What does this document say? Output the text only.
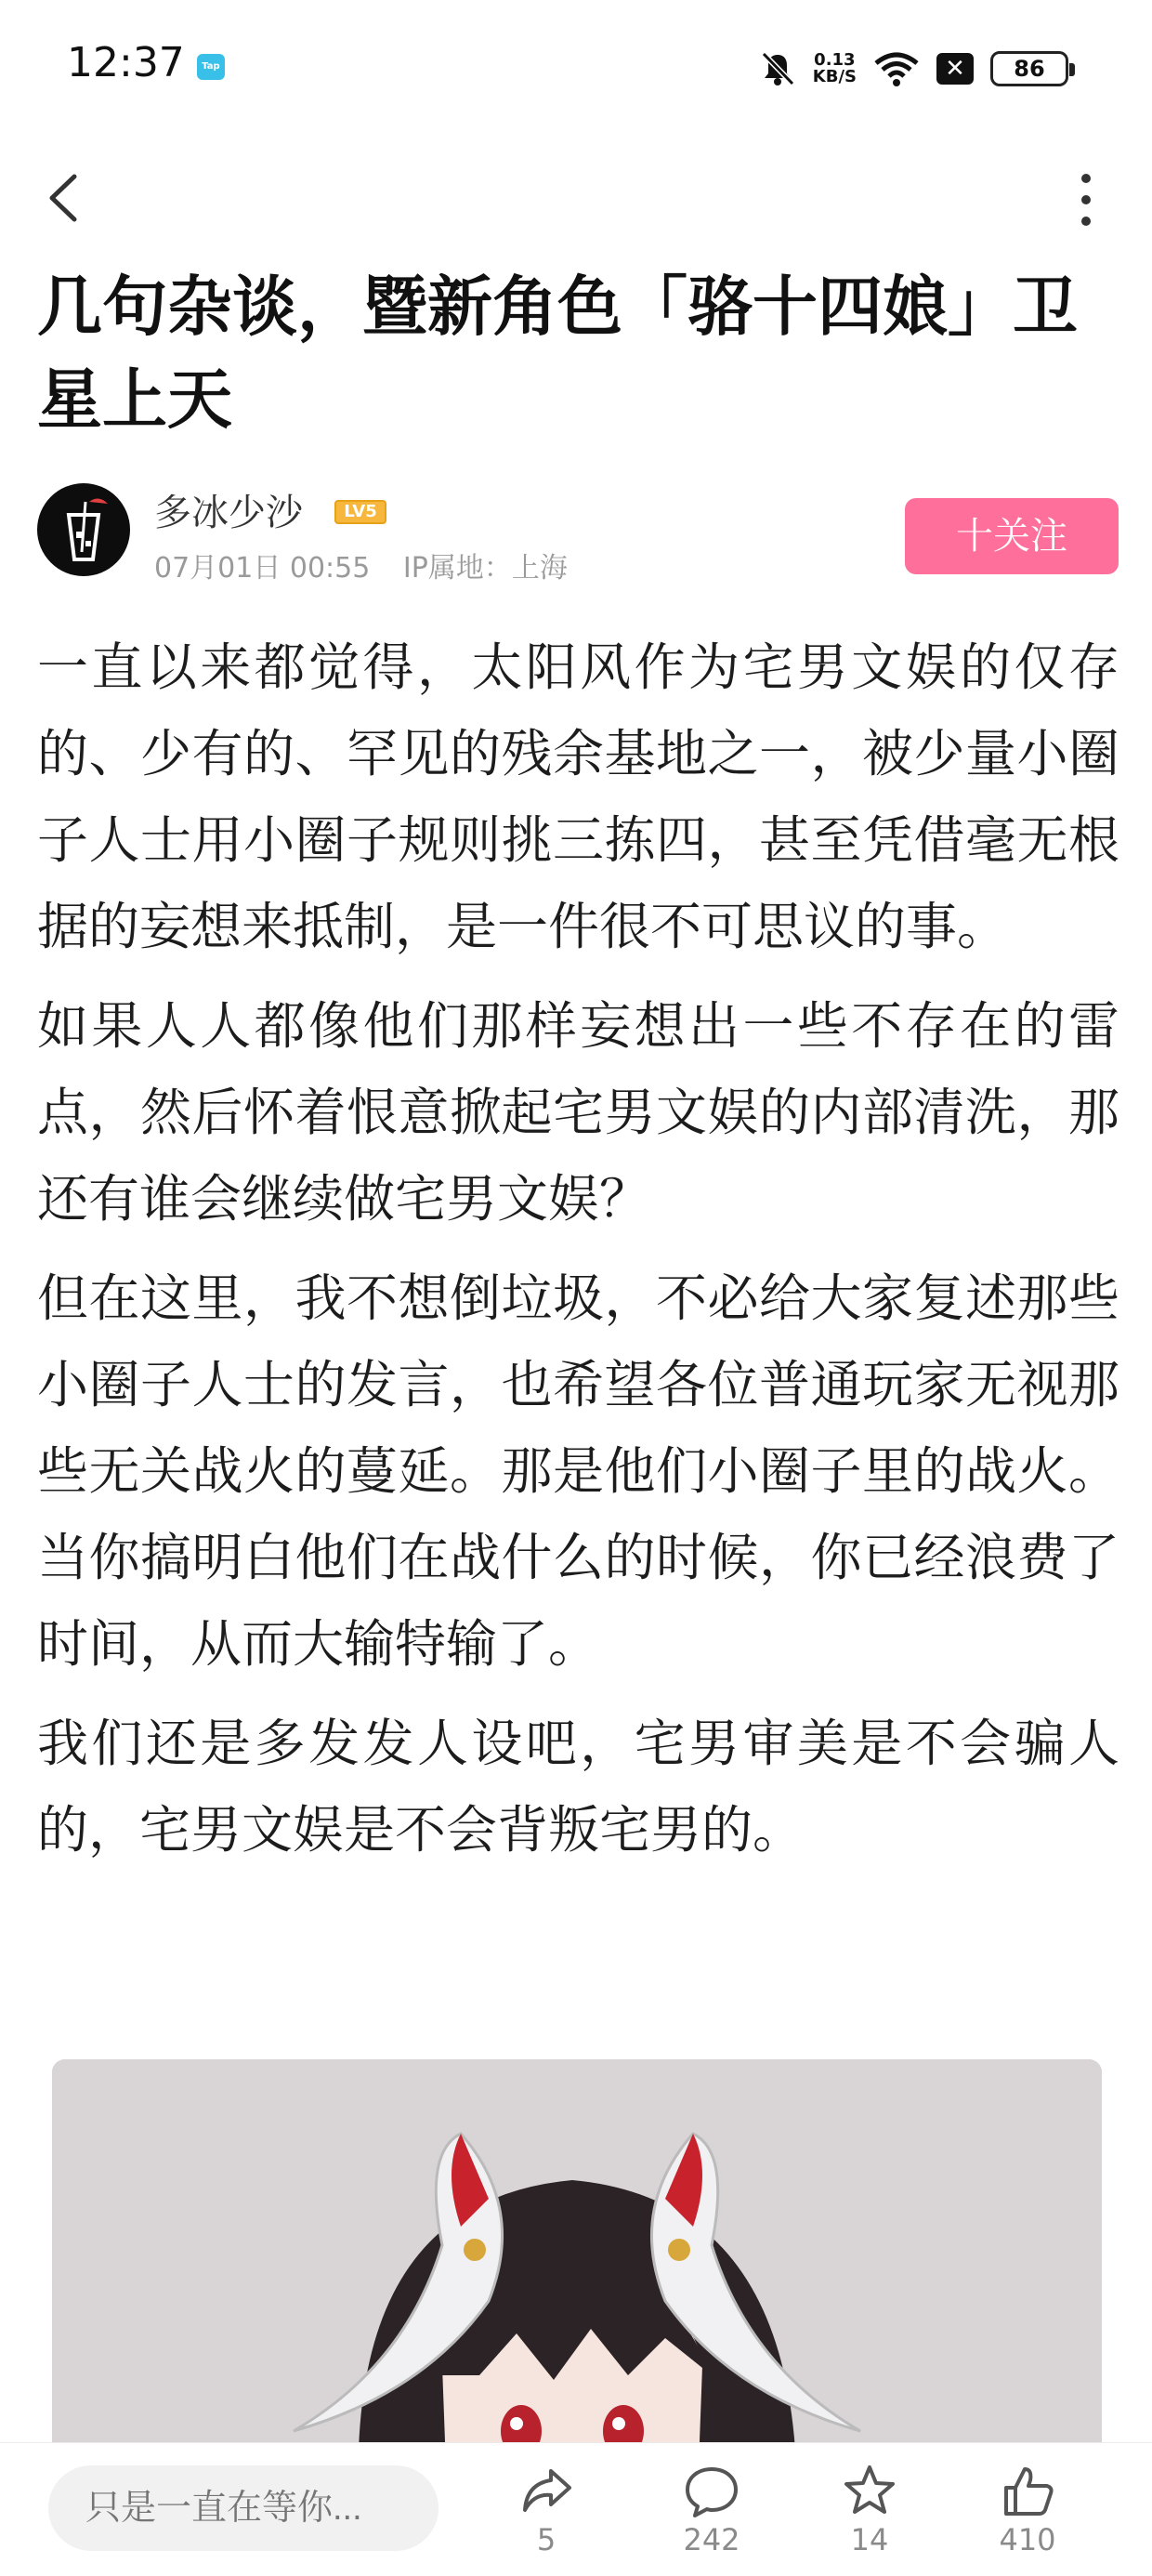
12:37	Tap	0.13
KB/S	✕	86
几句杂谈，暨新角色「骆十四娘」卫星上天
多冰少沙	LV5
07月01日 00:55 IP属地：上海
十关注

一直以来都觉得，太阳风作为宅男文娱的仅存的、少有的、罕见的残余基地之一，被少量小圈子人士用小圈子规则挑三拣四，甚至凭借毫无根据的妄想来抵制，是一件很不可思议的事。

如果人人都像他们那样妄想出一些不存在的雷点，然后怀着恨意掀起宅男文娱的内部清洗，那还有谁会继续做宅男文娱？

但在这里，我不想倒垃圾，不必给大家复述那些小圈子人士的发言，也希望各位普通玩家无视那些无关战火的蔓延。那是他们小圈子里的战火。当你搞明白他们在战什么的时候，你已经浪费了时间，从而大输特输了。

我们还是多发发人设吧，宅男审美是不会骗人的，宅男文娱是不会背叛宅男的。

只是一直在等你...
5	242	14	410
